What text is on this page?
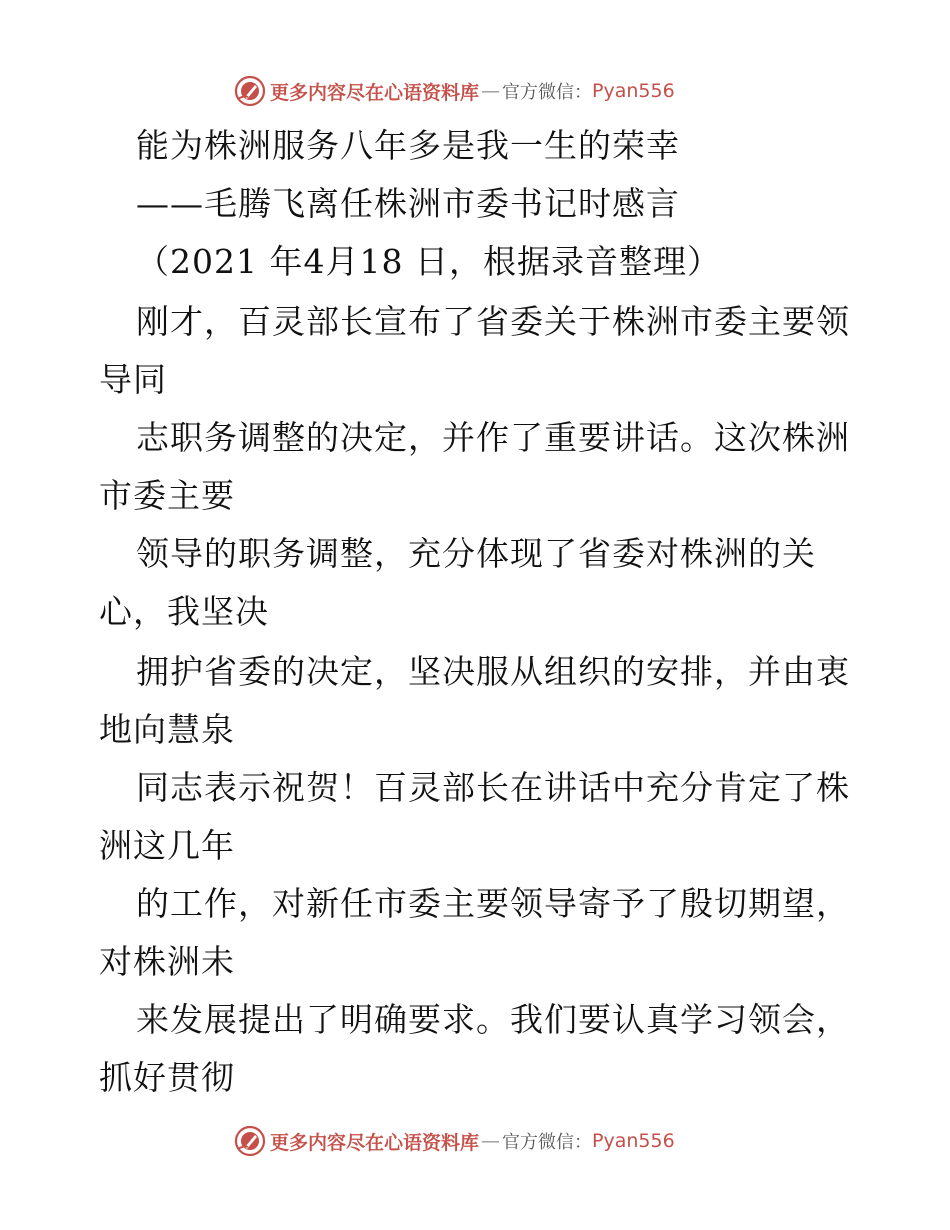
更多内容尽在心语资料库 — 官方微信： Pyan556
能为株洲服务八年多是我一生的荣幸
——毛腾飞离任株洲市委书记时感言
（2021 年4月18 日，根据录音整理）
刚才，百灵部长宣布了省委关于株洲市委主要领
导同
志职务调整的决定，并作了重要讲话。这次株洲
市委主要
领导的职务调整，充分体现了省委对株洲的关
心，我坚决
拥护省委的决定，坚决服从组织的安排，并由衷
地向慧泉
同志表示祝贺！百灵部长在讲话中充分肯定了株
洲这几年
的工作，对新任市委主要领导寄予了殷切期望，
对株洲未
来发展提出了明确要求。我们要认真学习领会，
抓好贯彻
更多内容尽在心语资料库 — 官方微信： Pyan556
